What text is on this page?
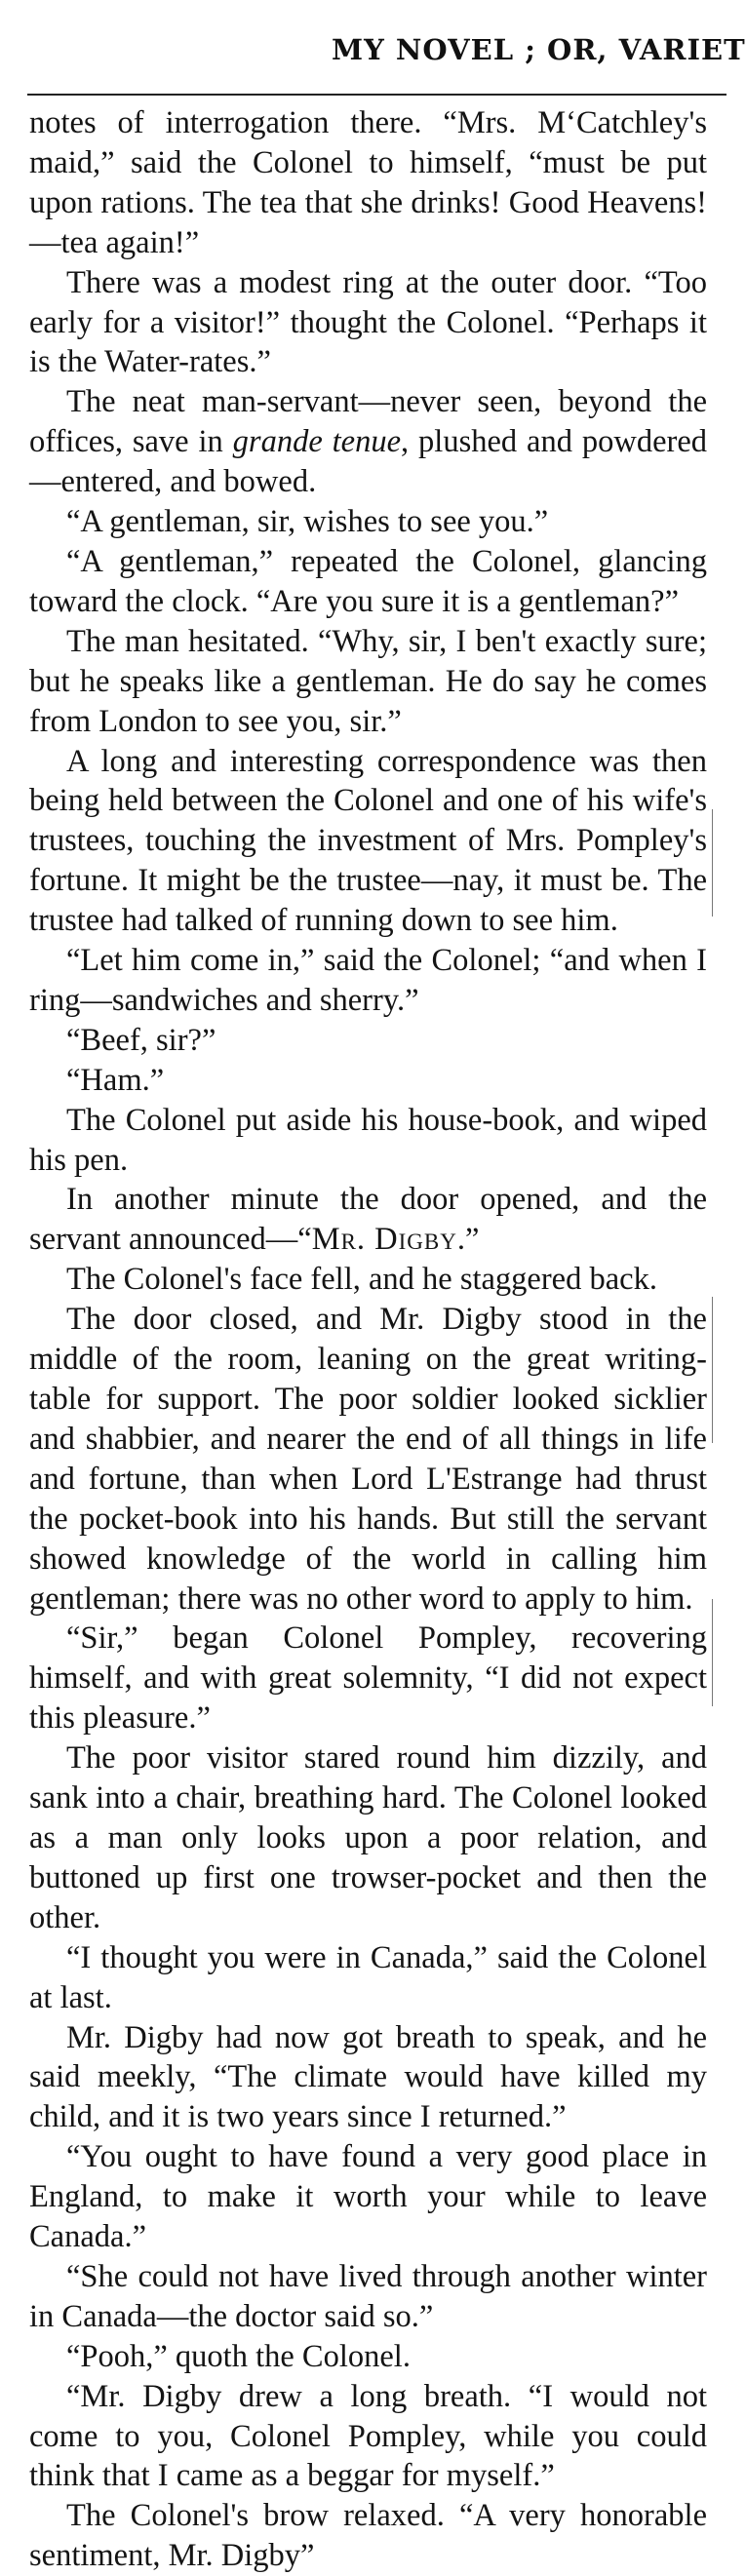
MY NOVEL ; OR, VARIET

notes of interrogation there. “Mrs. M‘Catchley's maid,” said the Colonel to himself, “must be put upon rations. The tea that she drinks! Good Heavens!—tea again!”

There was a modest ring at the outer door. “Too early for a visitor!” thought the Colonel. “Perhaps it is the Water-rates.”

The neat man-servant—never seen, beyond the offices, save in grande tenue, plushed and powdered—entered, and bowed.

“A gentleman, sir, wishes to see you.”

“A gentleman,” repeated the Colonel, glancing toward the clock. “Are you sure it is a gentleman?”

The man hesitated. “Why, sir, I ben't exactly sure; but he speaks like a gentleman. He do say he comes from London to see you, sir.”

A long and interesting correspondence was then being held between the Colonel and one of his wife's trustees, touching the investment of Mrs. Pompley's fortune. It might be the trustee—nay, it must be. The trustee had talked of running down to see him.

“Let him come in,” said the Colonel; “and when I ring—sandwiches and sherry.”

“Beef, sir?”

“Ham.”

The Colonel put aside his house-book, and wiped his pen.

In another minute the door opened, and the servant announced—“Mr. Digby.”

The Colonel's face fell, and he staggered back.

The door closed, and Mr. Digby stood in the middle of the room, leaning on the great writing-table for support. The poor soldier looked sicklier and shabbier, and nearer the end of all things in life and fortune, than when Lord L'Estrange had thrust the pocket-book into his hands. But still the servant showed knowledge of the world in calling him gentleman; there was no other word to apply to him.

“Sir,” began Colonel Pompley, recovering himself, and with great solemnity, “I did not expect this pleasure.”

The poor visitor stared round him dizzily, and sank into a chair, breathing hard. The Colonel looked as a man only looks upon a poor relation, and buttoned up first one trowser-pocket and then the other.

“I thought you were in Canada,” said the Colonel at last.

Mr. Digby had now got breath to speak, and he said meekly, “The climate would have killed my child, and it is two years since I returned.”

“You ought to have found a very good place in England, to make it worth your while to leave Canada.”

“She could not have lived through another winter in Canada—the doctor said so.”

“Pooh,” quoth the Colonel.

“Mr. Digby drew a long breath. “I would not come to you, Colonel Pompley, while you could think that I came as a beggar for myself.”

The Colonel's brow relaxed. “A very honorable sentiment, Mr. Digby”
